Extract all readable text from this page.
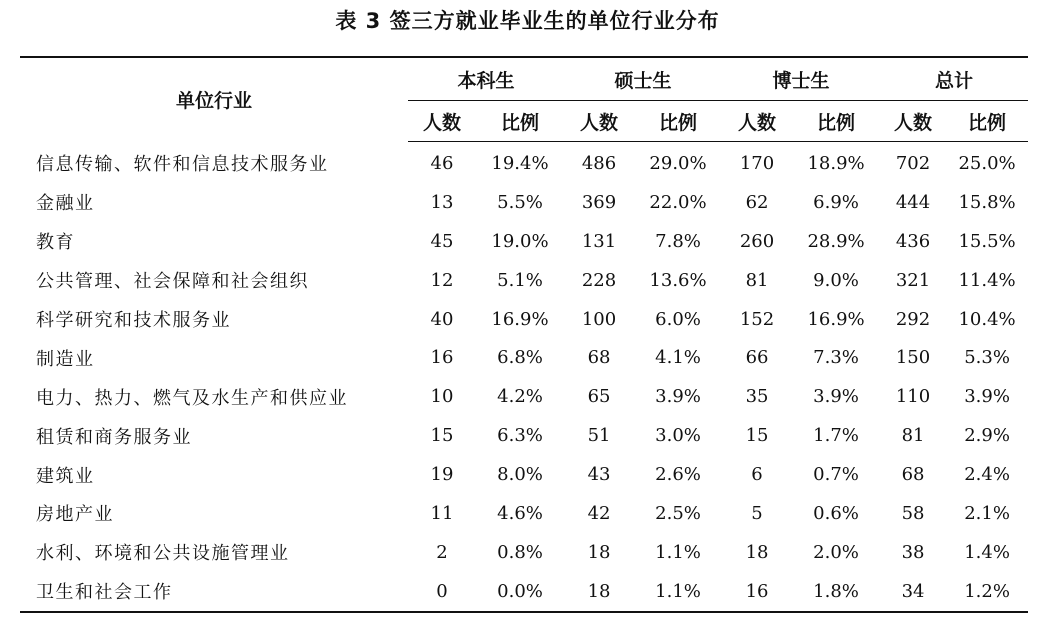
表 3 签三方就业毕业生的单位行业分布
单位行业	本科生		硕士生		博士生		总计	
	人数	比例	人数	比例	人数	比例	人数	比例
信息传输、软件和信息技术服务业	46	19.4%	486	29.0%	170	18.9%	702	25.0%
金融业	13	5.5%	369	22.0%	62	6.9%	444	15.8%
教育	45	19.0%	131	7.8%	260	28.9%	436	15.5%
公共管理、社会保障和社会组织	12	5.1%	228	13.6%	81	9.0%	321	11.4%
科学研究和技术服务业	40	16.9%	100	6.0%	152	16.9%	292	10.4%
制造业	16	6.8%	68	4.1%	66	7.3%	150	5.3%
电力、热力、燃气及水生产和供应业	10	4.2%	65	3.9%	35	3.9%	110	3.9%
租赁和商务服务业	15	6.3%	51	3.0%	15	1.7%	81	2.9%
建筑业	19	8.0%	43	2.6%	6	0.7%	68	2.4%
房地产业	11	4.6%	42	2.5%	5	0.6%	58	2.1%
水利、环境和公共设施管理业	2	0.8%	18	1.1%	18	2.0%	38	1.4%
卫生和社会工作	0	0.0%	18	1.1%	16	1.8%	34	1.2%
